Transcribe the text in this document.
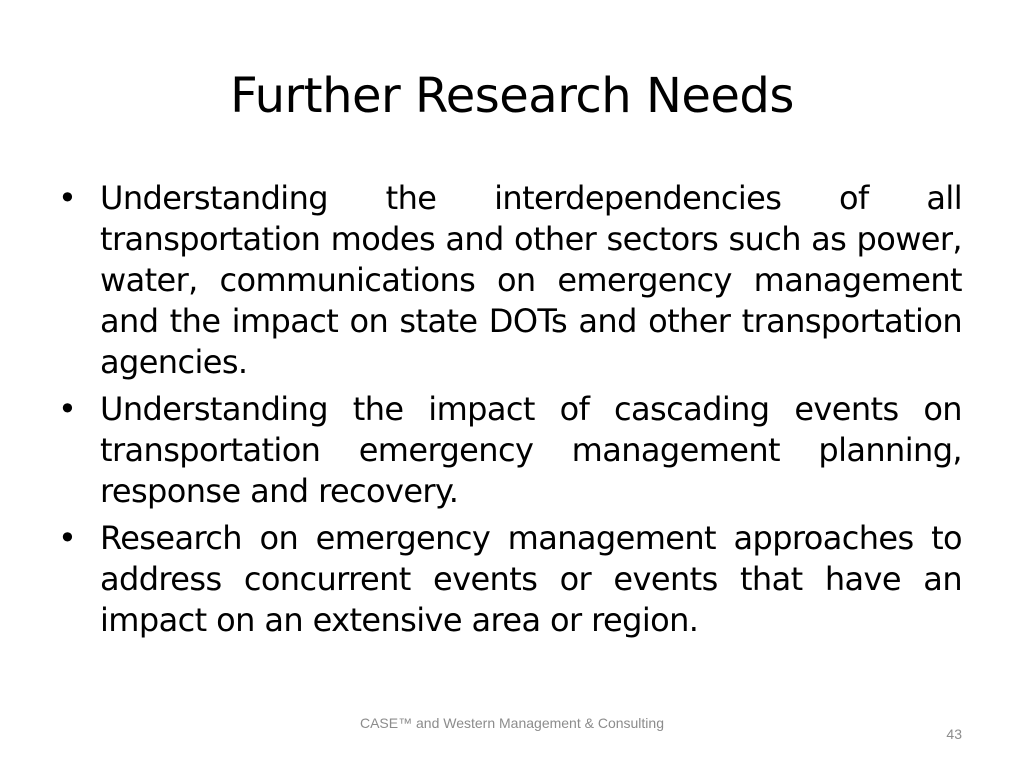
Further Research Needs
• Understanding the interdependencies of all transportation modes and other sectors such as power, water, communications on emergency management and the impact on state DOTs and other transportation agencies.
• Understanding the impact of cascading events on transportation emergency management planning, response and recovery.
• Research on emergency management approaches to address concurrent events or events that have an impact on an extensive area or region.
CASE™ and Western Management & Consulting
43
